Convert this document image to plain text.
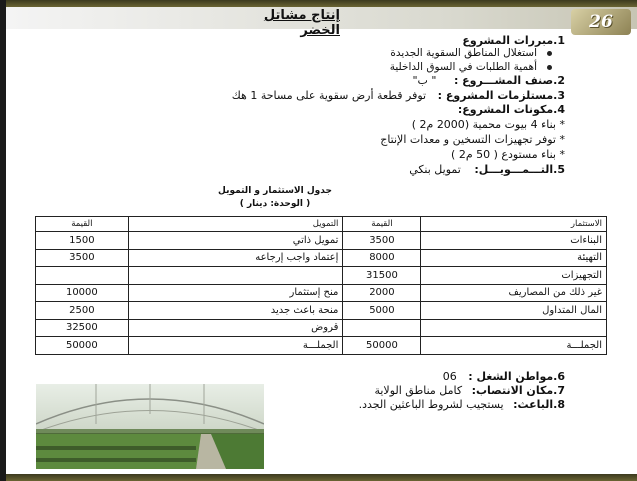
26
إنتاج مشاتل الخضر
1.مبررات المشروع
استغلال المناطق السقوية الجديدة
أهمية الطلبات في السوق الداخلية
2.صنف المشـــروع : " ب"
3.مستلزمات المشروع : توفر قطعة أرض سقوية على مساحة 1 هك
4.مكونات المشروع:
* بناء 4 بيوت محمية (2000 م2 )
* توفر تجهيزات التسخين و معدات الإنتاج
* بناء مستودع ( 50 م2 )
5.التـــمـــويـــل: تمويل بنكي
جدول الاستثمار و التمويل
( الوحدة: دينار )
الاستثمار	القيمة	التمويل	القيمة
البناءات	3500	تمويل ذاتي	1500
التهيئة	8000	إعتماد واجب إرجاعه	3500
التجهيزات	31500		
غير ذلك من المصاريف	2000	منح إستثمار	10000
المال المتداول	5000	منحة باعث جديد	2500
		قروض	32500
الجملـــة	50000	الجملـــة	50000
6.مواطن الشغل : 06
7.مكان الانتصاب: كامل مناطق الولاية
8.الباعث: يستجيب لشروط الباعثين الجدد.
